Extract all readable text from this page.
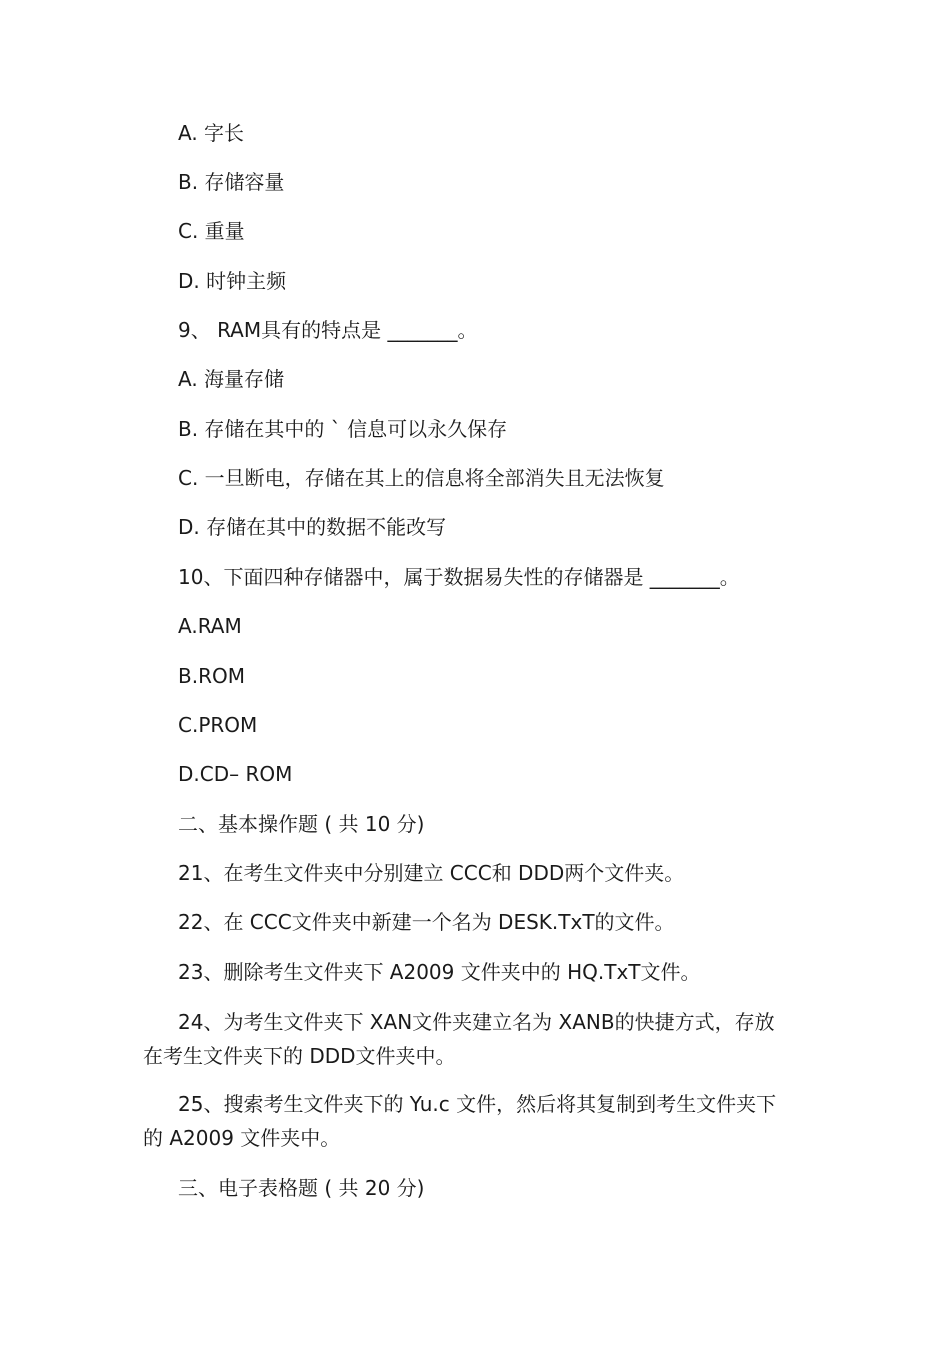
A. 字长
B. 存储容量
C. 重量
D. 时钟主频
9、 RAM具有的特点是 _______。
A. 海量存储
B. 存储在其中的 ` 信息可以永久保存
C. 一旦断电，存储在其上的信息将全部消失且无法恢复
D. 存储在其中的数据不能改写
10、下面四种存储器中，属于数据易失性的存储器是 _______。
A.RAM
B.ROM
C.PROM
D.CD– ROM
二、基本操作题 ( 共 10 分)
21、在考生文件夹中分别建立 CCC和 DDD两个文件夹。
22、在 CCC文件夹中新建一个名为 DESK.TxT的文件。
23、删除考生文件夹下 A2009 文件夹中的 HQ.TxT文件。
24、为考生文件夹下 XAN文件夹建立名为 XANB的快捷方式，存放在考生文件夹下的 DDD文件夹中。
25、搜索考生文件夹下的 Yu.c 文件，然后将其复制到考生文件夹下的 A2009 文件夹中。
三、电子表格题 ( 共 20 分)
